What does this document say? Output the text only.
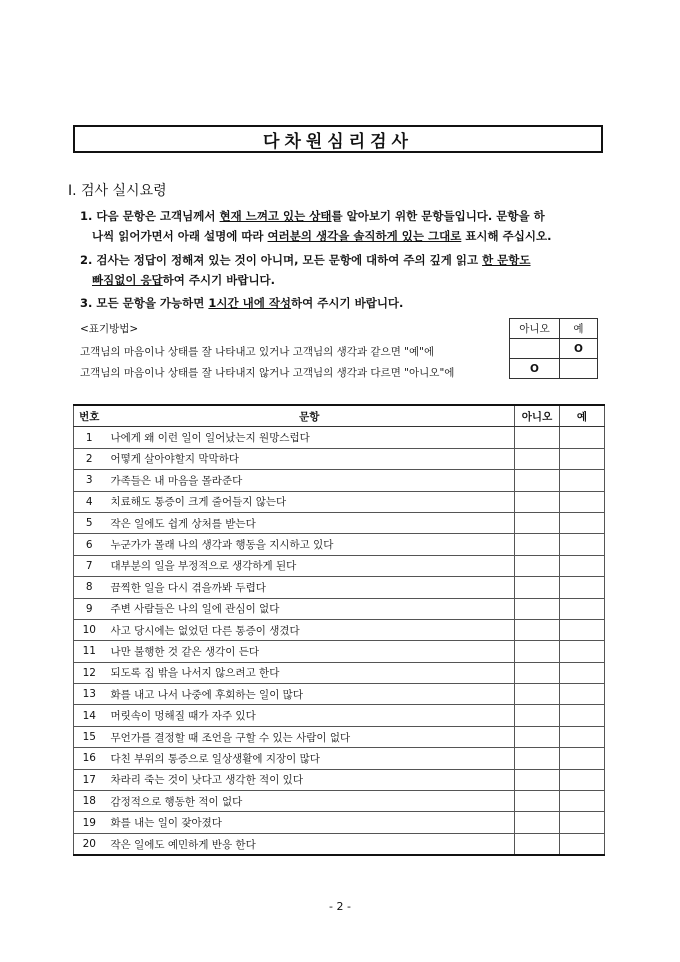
다차원심리검사
I. 검사 실시요령
1. 다음 문항은 고객님께서 현재 느껴고 있는 상태를 알아보기 위한 문항들입니다. 문항을 하
나씩 읽어가면서 아래 설명에 따라 여러분의 생각을 솔직하게 있는 그대로 표시해 주십시오.
2. 검사는 정답이 정해져 있는 것이 아니며, 모든 문항에 대하여 주의 깊게 읽고 한 문항도
빠짐없이 응답하여 주시기 바랍니다.
3. 모든 문항을 가능하면 1시간 내에 작성하여 주시기 바랍니다.
<표기방법>
고객님의 마음이나 상태를 잘 나타내고 있거나 고객님의 생각과 같으면 "예"에
고객님의 마음이나 상태를 잘 나타내지 않거나 고객님의 생각과 다르면 "아니오"에
아니오	예
	O
O	
번호	문항	아니오	예
1	나에게 왜 이런 일이 일어났는지 원망스럽다		
2	어떻게 살아야할지 막막하다		
3	가족들은 내 마음을 몰라준다		
4	치료해도 통증이 크게 줄어들지 않는다		
5	작은 일에도 쉽게 상처를 받는다		
6	누군가가 몰래 나의 생각과 행동을 지시하고 있다		
7	대부분의 일을 부정적으로 생각하게 된다		
8	끔찍한 일을 다시 겪을까봐 두렵다		
9	주변 사람들은 나의 일에 관심이 없다		
10	사고 당시에는 없었던 다른 통증이 생겼다		
11	나만 불행한 것 같은 생각이 든다		
12	되도록 집 밖을 나서지 않으려고 한다		
13	화를 내고 나서 나중에 후회하는 일이 많다		
14	머릿속이 멍해질 때가 자주 있다		
15	무언가를 결정할 때 조언을 구할 수 있는 사람이 없다		
16	다친 부위의 통증으로 일상생활에 지장이 많다		
17	차라리 죽는 것이 낫다고 생각한 적이 있다		
18	감정적으로 행동한 적이 없다		
19	화를 내는 일이 잦아졌다		
20	작은 일에도 예민하게 반응 한다		
- 2 -
